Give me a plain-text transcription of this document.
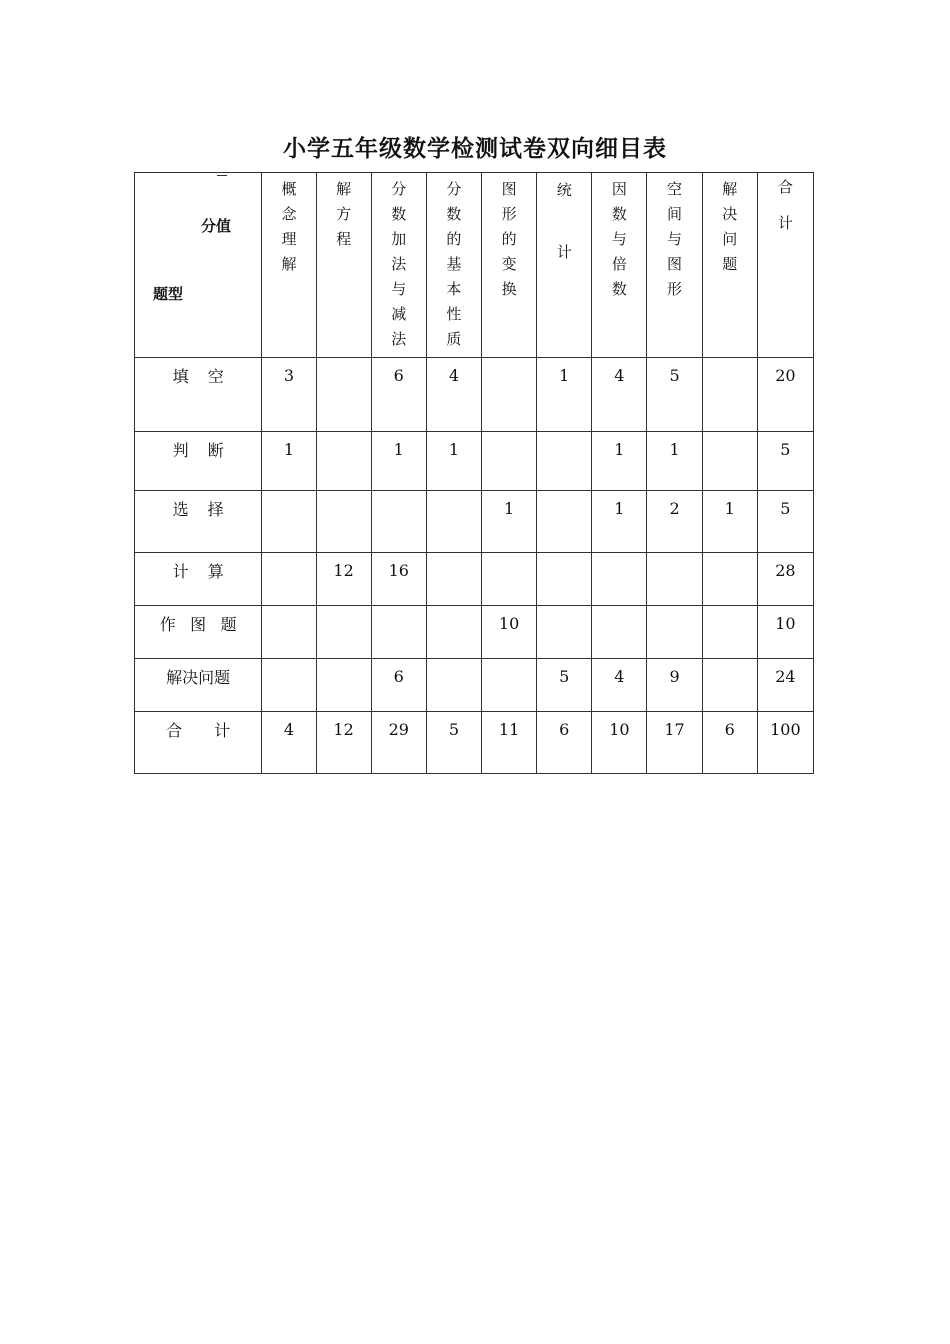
小学五年级数学检测试卷双向细目表
分值
题型	概念理解	解方程	分数加法与减法	分数的基本性质	图形的变换	统　计	因数与倍数	空间与图形	解决问题	合计

填空	3		6	4		1	4	5		20
判断	1		1	1			1	1		5
选择					1		1	2	1	5
计算		12	16							28
作图题					10					10
解决问题			6			5	4	9		24
合计	4	12	29	5	11	6	10	17	6	100
